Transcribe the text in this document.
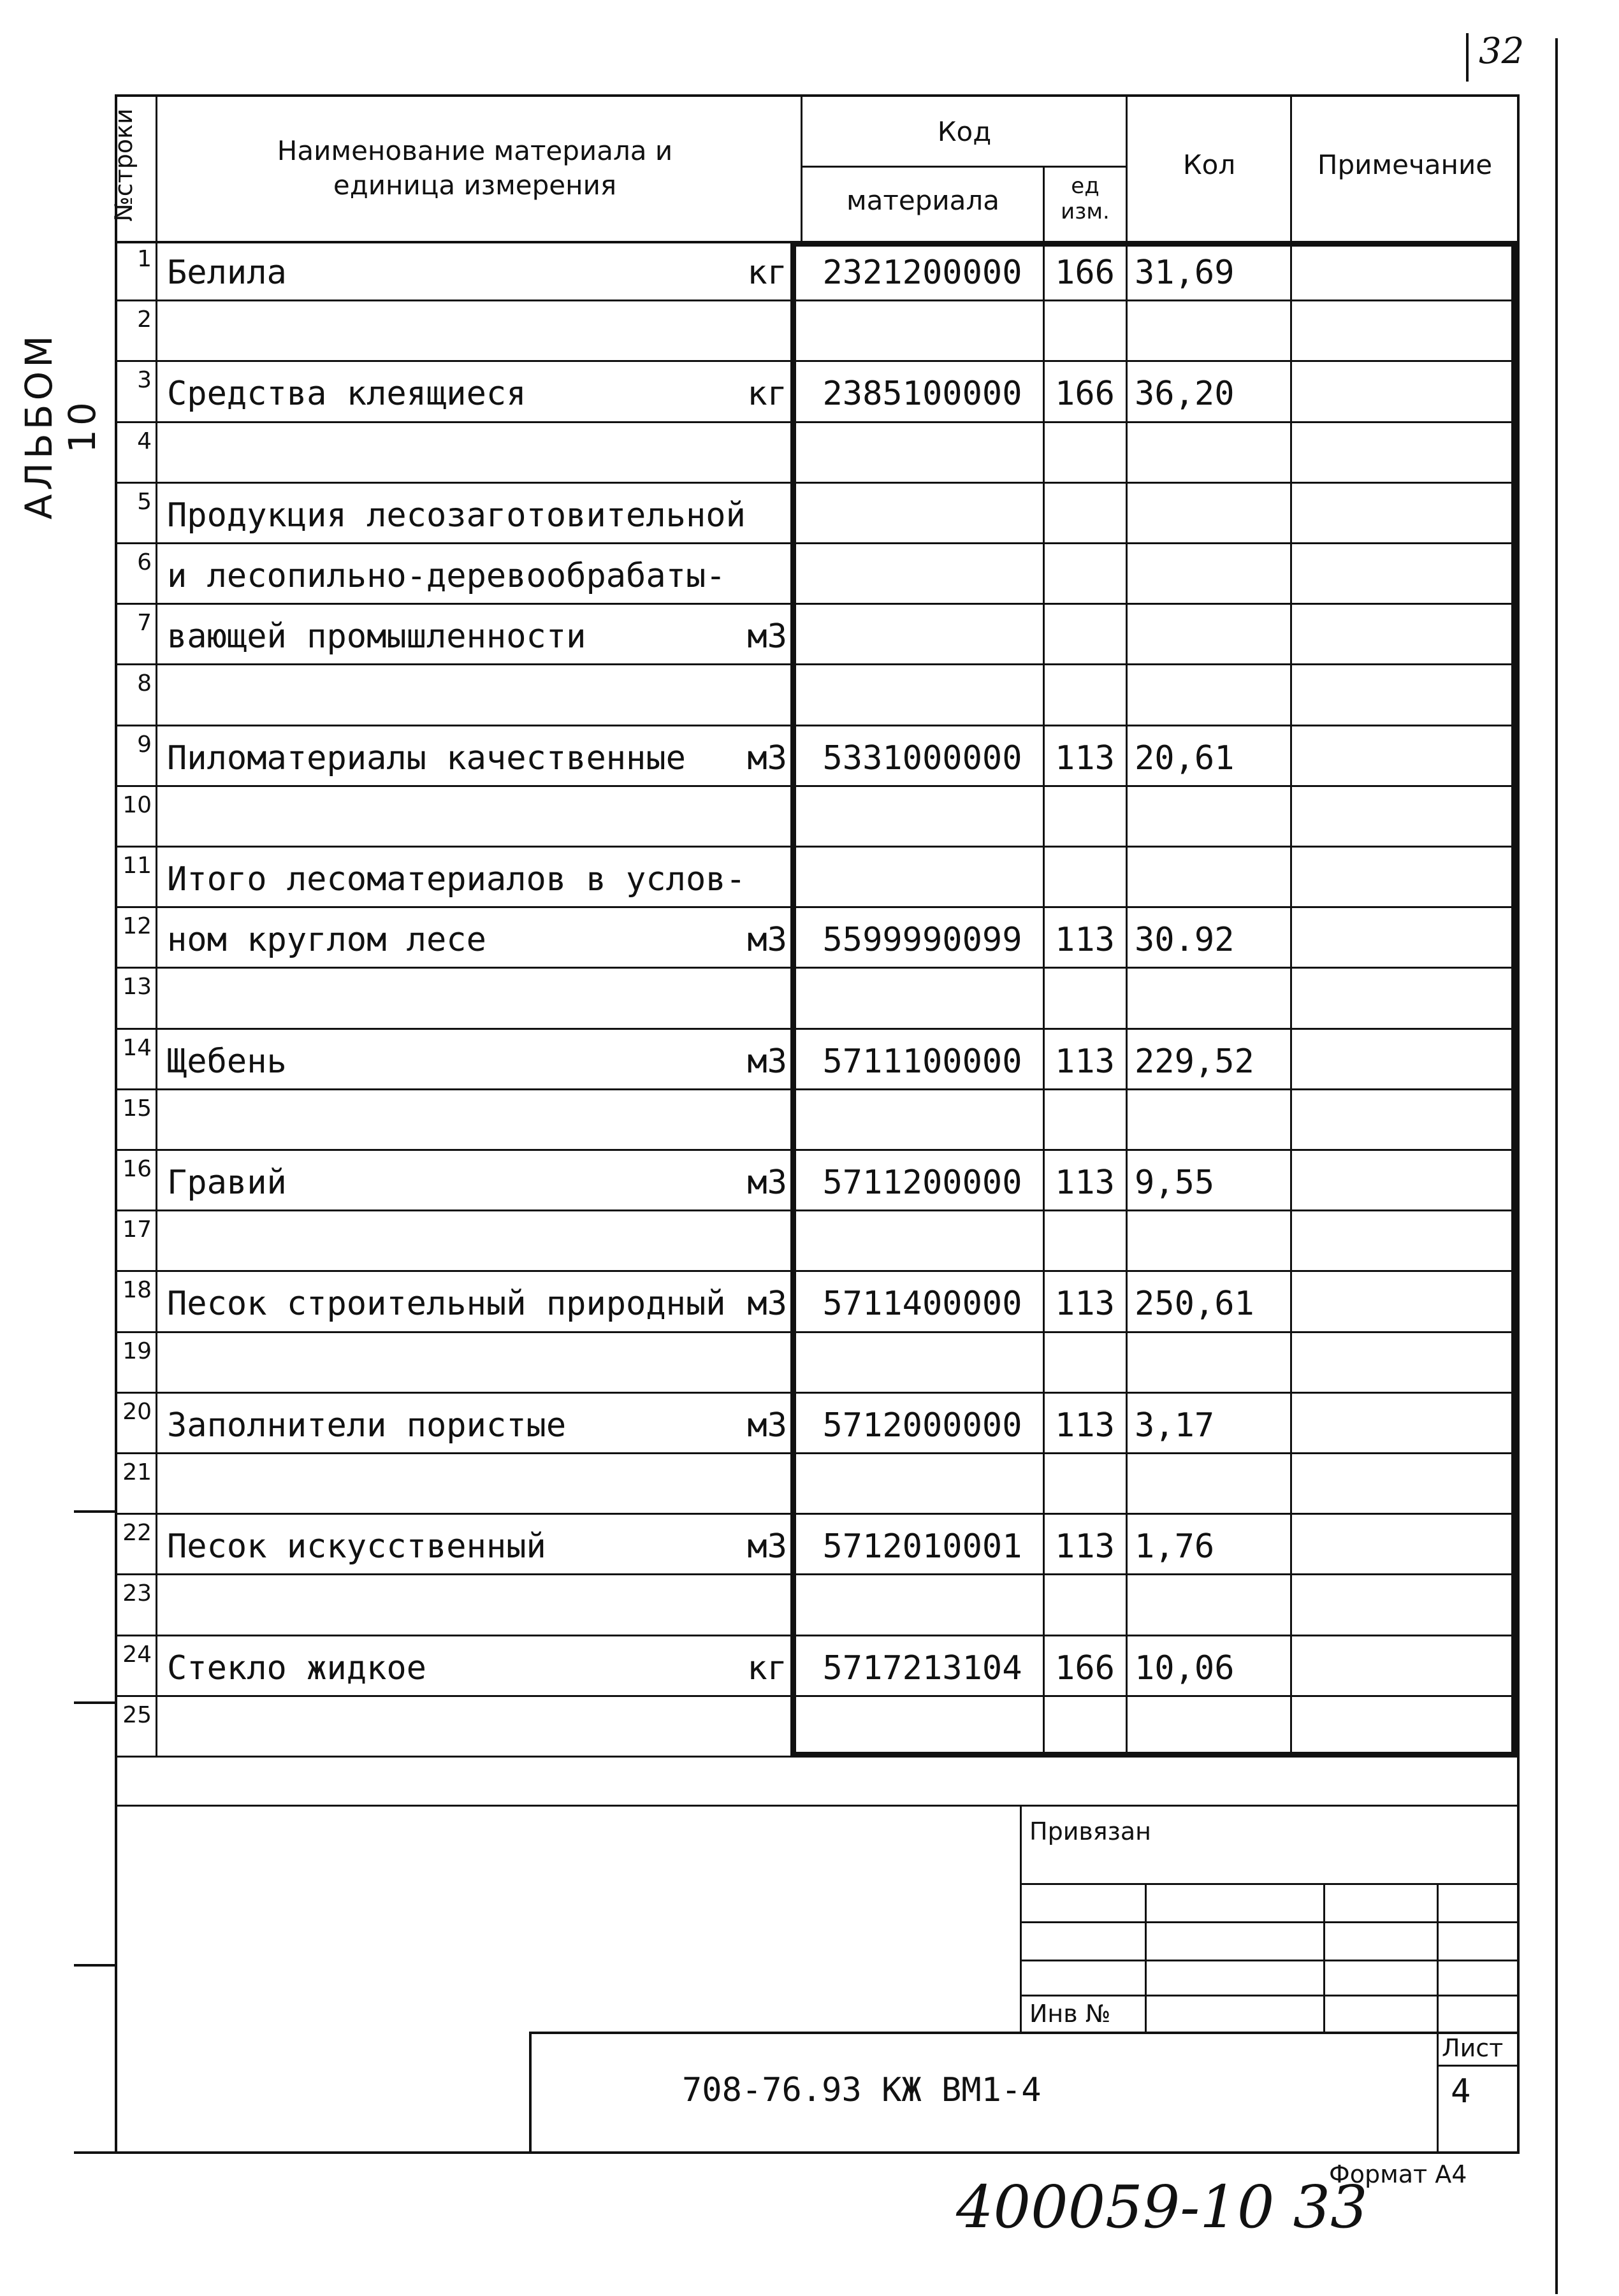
32
АЛЬБОМ 10
№строки	Наименование материала и единица измерения
Код
материала	ед изм.
Кол	Примечание
1 Белила	кг	2321200000 166 31,69
2
3 Средства клеящиеся	кг	2385100000 166 36,20
4
5 Продукция лесозаготовительной
6 и лесопильно-деревообрабаты-
7 вающей промышленности	м3
8
9 Пиломатериалы качественные	м3	5331000000 113 20,61
10
11 Итого лесоматериалов в услов-
12 ном круглом лесе	м3	5599990099 113 30.92
13
14 Щебень	м3	5711100000 113 229,52
15
16 Гравий	м3	5711200000 113 9,55
17
18 Песок строительный природный м3	5711400000 113 250,61
19
20 Заполнители пористые	м3	5712000000 113 3,17
21
22 Песок искусственный	м3	5712010001 113 1,76
23
24 Стекло жидкое	кг	5717213104 166 10,06
25
Привязан
Инв №
Лист
4
708-76.93 КЖ ВМ1-4
Формат А4
400059-10 33
